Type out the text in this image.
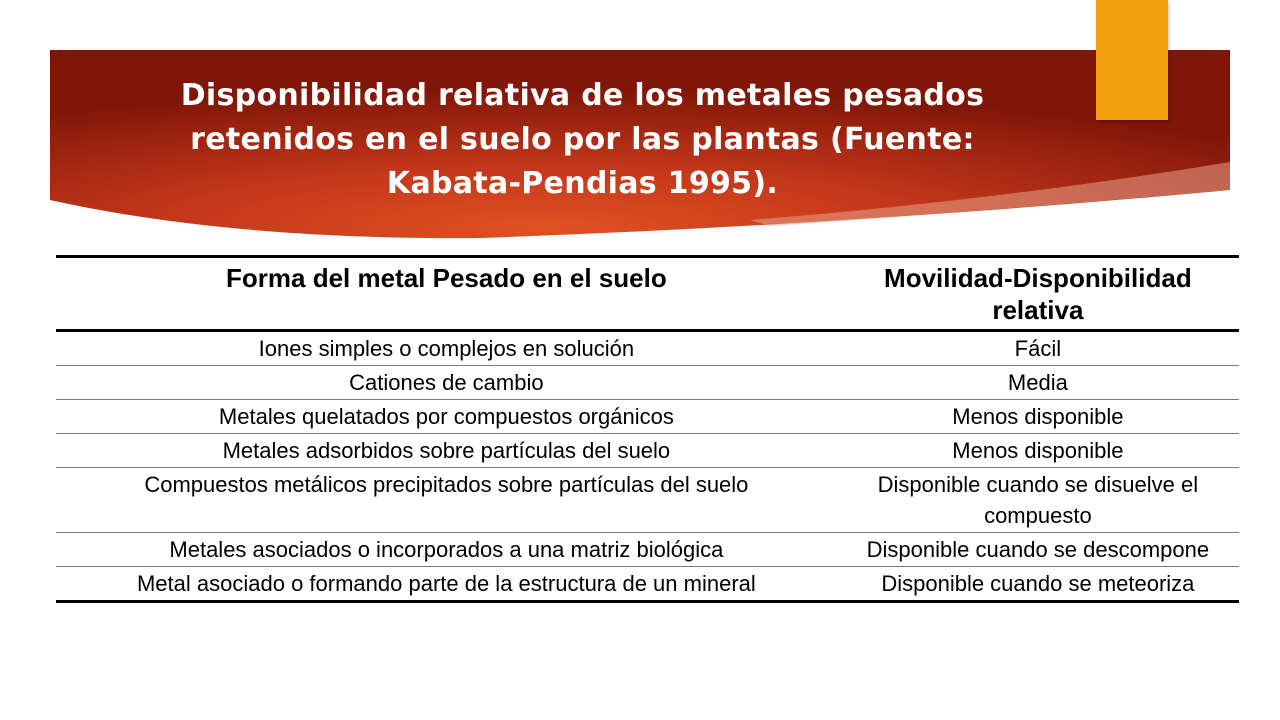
Disponibilidad relativa de los metales pesados retenidos en el suelo por las plantas (Fuente: Kabata-Pendias 1995).
Forma del metal Pesado en el suelo	Movilidad-Disponibilidad relativa
Iones simples o complejos en solución	Fácil
Cationes de cambio	Media
Metales quelatados por compuestos orgánicos	Menos disponible
Metales adsorbidos sobre partículas del suelo	Menos disponible
Compuestos metálicos precipitados sobre partículas del suelo	Disponible cuando se disuelve el compuesto
Metales asociados o incorporados a una matriz biológica	Disponible cuando se descompone
Metal asociado o formando parte de la estructura de un mineral	Disponible cuando se meteoriza
